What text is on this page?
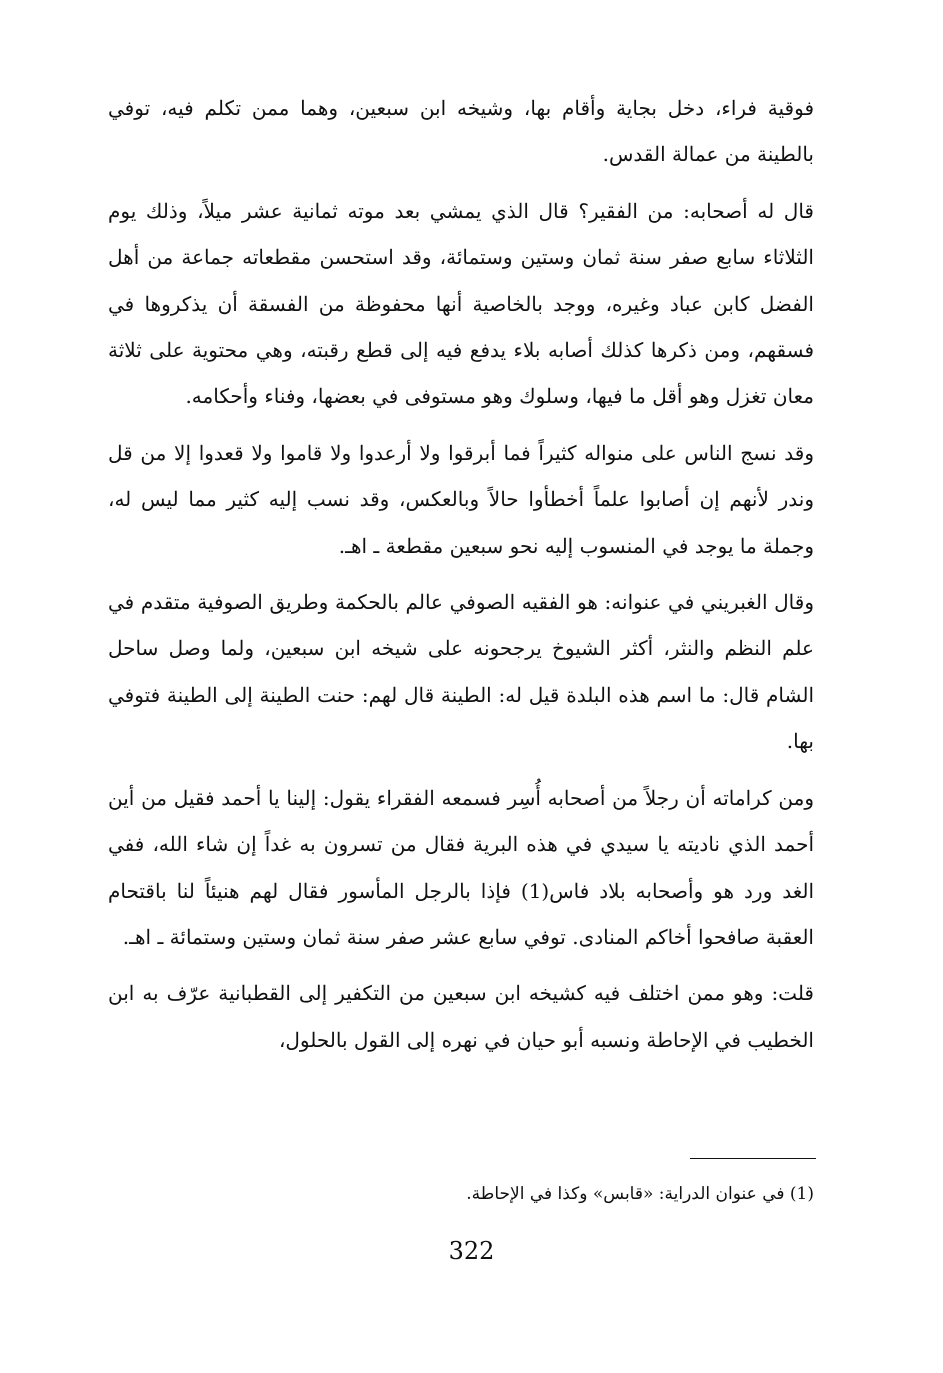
فوقية فراء، دخل بجاية وأقام بها، وشيخه ابن سبعين، وهما ممن تكلم فيه، توفي بالطينة من عمالة القدس.

قال له أصحابه: من الفقير؟ قال الذي يمشي بعد موته ثمانية عشر ميلاً، وذلك يوم الثلاثاء سابع صفر سنة ثمان وستين وستمائة، وقد استحسن مقطعاته جماعة من أهل الفضل كابن عباد وغيره، ووجد بالخاصية أنها محفوظة من الفسقة أن يذكروها في فسقهم، ومن ذكرها كذلك أصابه بلاء يدفع فيه إلى قطع رقبته، وهي محتوية على ثلاثة معان تغزل وهو أقل ما فيها، وسلوك وهو مستوفى في بعضها، وفناء وأحكامه.

وقد نسج الناس على منواله كثيراً فما أبرقوا ولا أرعدوا ولا قاموا ولا قعدوا إلا من قل وندر لأنهم إن أصابوا علماً أخطأوا حالاً وبالعكس، وقد نسب إليه كثير مما ليس له، وجملة ما يوجد في المنسوب إليه نحو سبعين مقطعة ـ اهـ.

وقال الغبريني في عنوانه: هو الفقيه الصوفي عالم بالحكمة وطريق الصوفية متقدم في علم النظم والنثر، أكثر الشيوخ يرجحونه على شيخه ابن سبعين، ولما وصل ساحل الشام قال: ما اسم هذه البلدة قيل له: الطينة قال لهم: حنت الطينة إلى الطينة فتوفي بها.

ومن كراماته أن رجلاً من أصحابه أُسِر فسمعه الفقراء يقول: إلينا يا أحمد فقيل من أين أحمد الذي ناديته يا سيدي في هذه البرية فقال من تسرون به غداً إن شاء الله، ففي الغد ورد هو وأصحابه بلاد فاس(1) فإذا بالرجل المأسور فقال لهم هنيئاً لنا باقتحام العقبة صافحوا أخاكم المنادى. توفي سابع عشر صفر سنة ثمان وستين وستمائة ـ اهـ.

قلت: وهو ممن اختلف فيه كشيخه ابن سبعين من التكفير إلى القطبانية عرّف به ابن الخطيب في الإحاطة ونسبه أبو حيان في نهره إلى القول بالحلول،

(1) في عنوان الدراية: «قابس» وكذا في الإحاطة.
322
